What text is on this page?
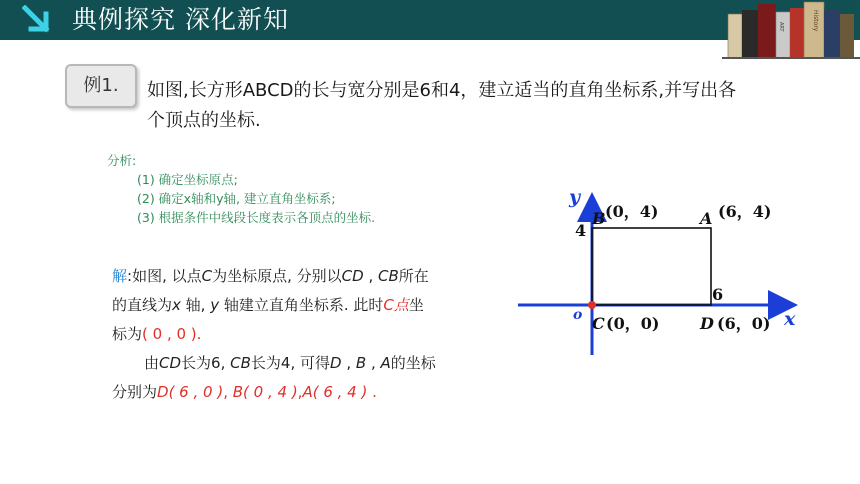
典例探究 深化新知	History
ART
例1.	如图,长方形ABCD的长与宽分别是6和4，建立适当的直角坐标系,并写出各
个顶点的坐标.
分析:
(1) 确定坐标原点;
(2) 确定x轴和y轴, 建立直角坐标系;
(3) 根据条件中线段长度表示各顶点的坐标.
解:如图, 以点C为坐标原点, 分别以CD , CB所在
的直线为x 轴, y 轴建立直角坐标系. 此时C点坐
标为( 0 , 0 ).
由CD长为6, CB长为4, 可得D , B , A的坐标
分别为D( 6 , 0 ), B( 0 , 4 ),A( 6 , 4 ) .
y
x
o
B (0，4)	A (6，4)
C (0，0)	D (6，0)
4
6
